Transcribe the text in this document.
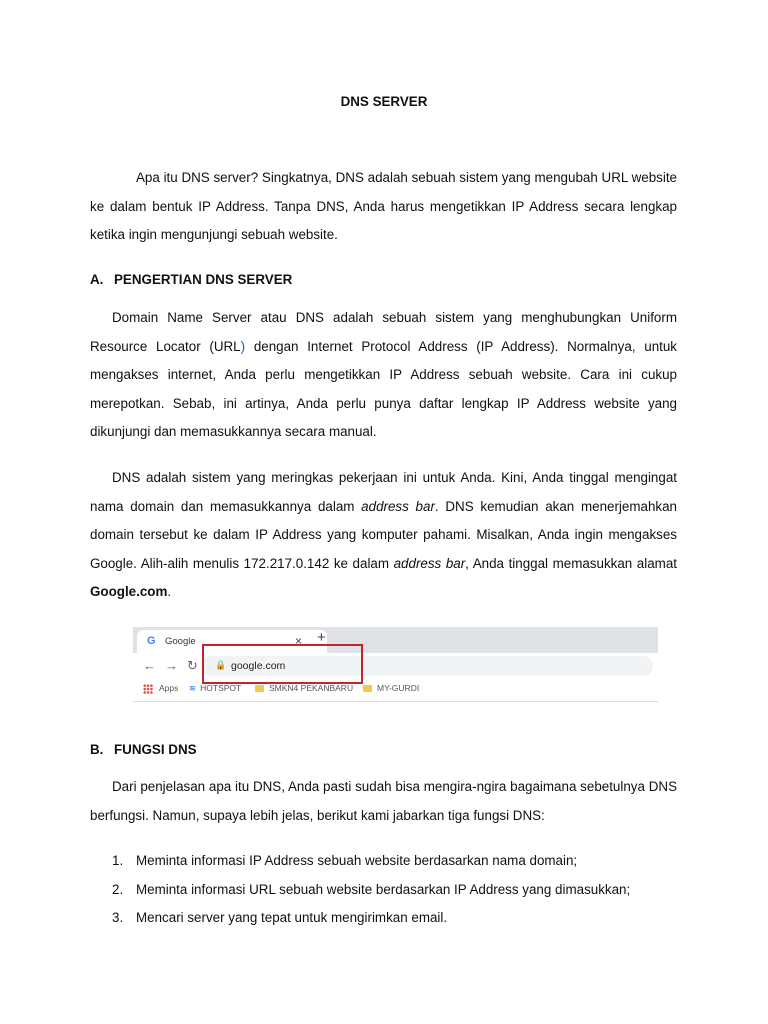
DNS SERVER
Apa itu DNS server? Singkatnya, DNS adalah sebuah sistem yang mengubah URL website ke dalam bentuk IP Address. Tanpa DNS, Anda harus mengetikkan IP Address secara lengkap ketika ingin mengunjungi sebuah website.
A. PENGERTIAN DNS SERVER
Domain Name Server atau DNS adalah sebuah sistem yang menghubungkan Uniform Resource Locator (URL) dengan Internet Protocol Address (IP Address). Normalnya, untuk mengakses internet, Anda perlu mengetikkan IP Address sebuah website. Cara ini cukup merepotkan. Sebab, ini artinya, Anda perlu punya daftar lengkap IP Address website yang dikunjungi dan memasukkannya secara manual.
DNS adalah sistem yang meringkas pekerjaan ini untuk Anda. Kini, Anda tinggal mengingat nama domain dan memasukkannya dalam address bar. DNS kemudian akan menerjemahkan domain tersebut ke dalam IP Address yang komputer pahami. Misalkan, Anda ingin mengakses Google. Alih-alih menulis 172.217.0.142 ke dalam address bar, Anda tinggal memasukkan alamat Google.com.
G Google	× +
← → ↻ 🔒 google.com
Apps ≋ HOTSPOT	SMKN4 PEKANBARU	MY-GURDI
B. FUNGSI DNS
Dari penjelasan apa itu DNS, Anda pasti sudah bisa mengira-ngira bagaimana sebetulnya DNS berfungsi. Namun, supaya lebih jelas, berikut kami jabarkan tiga fungsi DNS:
1. Meminta informasi IP Address sebuah website berdasarkan nama domain;
2. Meminta informasi URL sebuah website berdasarkan IP Address yang dimasukkan;
3. Mencari server yang tepat untuk mengirimkan email.
